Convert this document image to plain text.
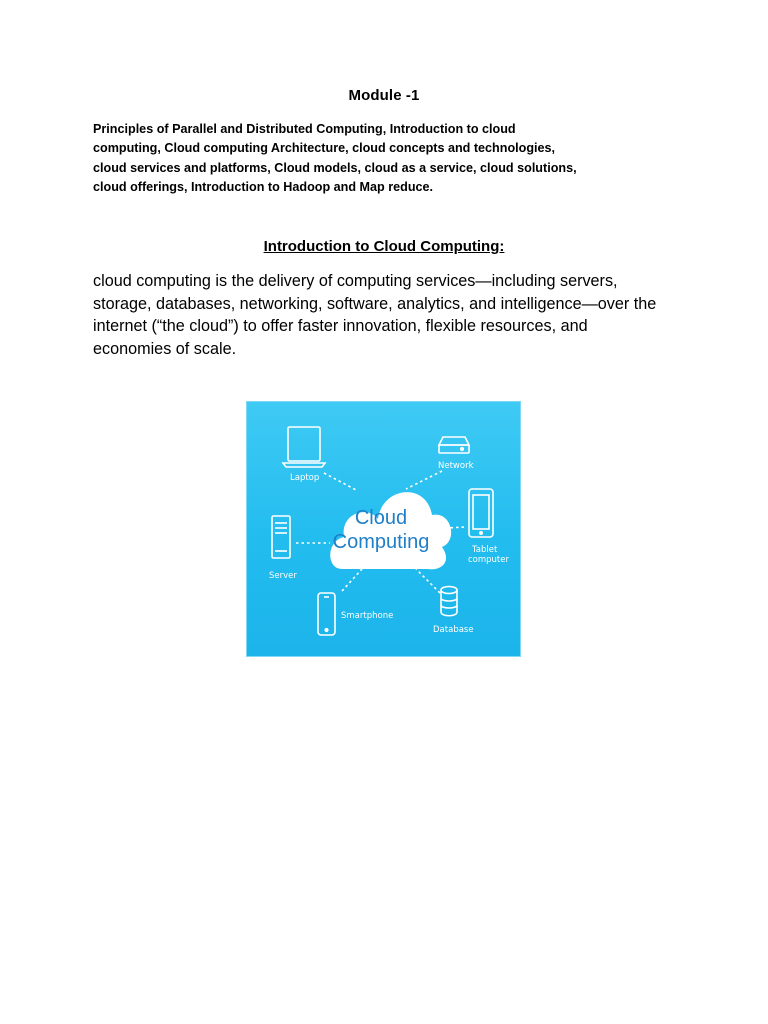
Module -1
Principles of Parallel and Distributed Computing, Introduction to cloud
computing, Cloud computing Architecture, cloud concepts and technologies,
cloud services and platforms, Cloud models, cloud as a service, cloud solutions,
cloud offerings, Introduction to Hadoop and Map reduce.
Introduction to Cloud Computing:
cloud computing is the delivery of computing services—including servers,
storage, databases, networking, software, analytics, and intelligence—over the
internet (“the cloud”) to offer faster innovation, flexible resources, and
economies of scale.
Cloud
Computing
Laptop
Network
Server
Tablet
computer
Smartphone
Database
